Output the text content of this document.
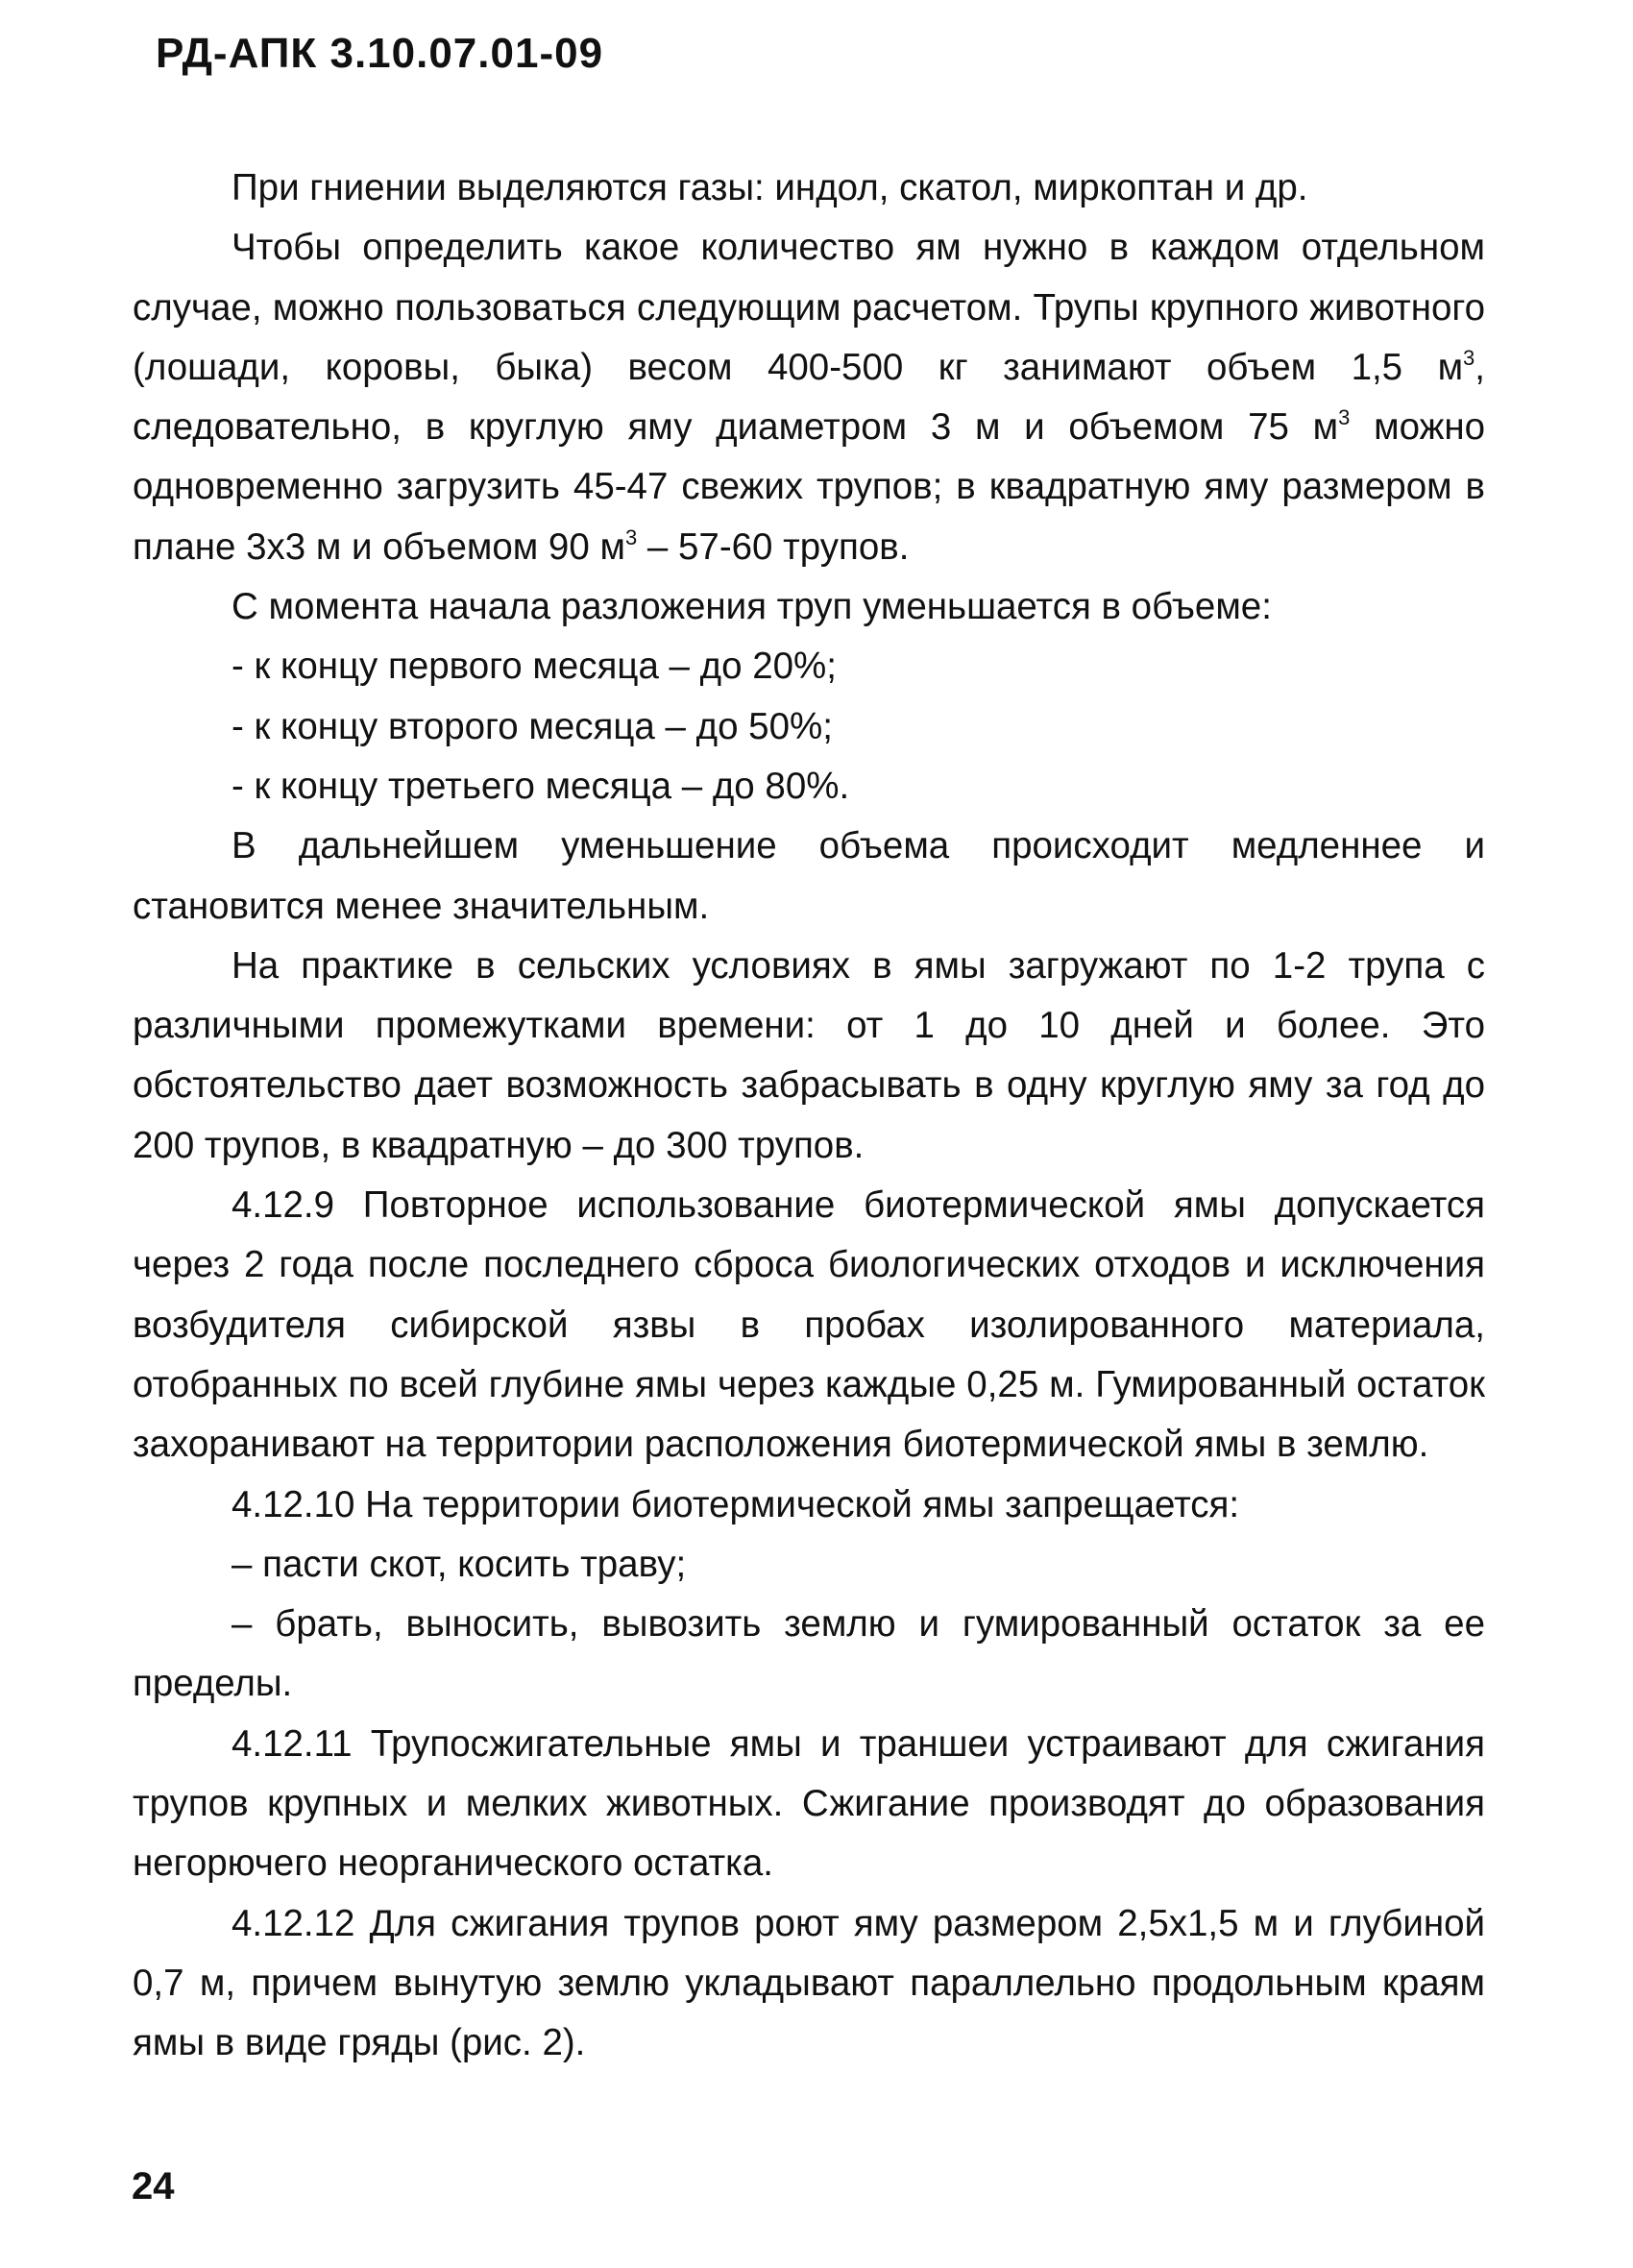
РД-АПК 3.10.07.01-09

При гниении выделяются газы: индол, скатол, миркоптан и др.

Чтобы определить какое количество ям нужно в каждом отдельном случае, можно пользоваться следующим расчетом. Трупы крупного животного (лошади, коровы, быка) весом 400-500 кг занимают объем 1,5 $м^3$, следовательно, в круглую яму диаметром 3 м и объемом 75 $м^3$ можно одновременно загрузить 45-47 свежих трупов; в квадратную яму размером в плане 3х3 м и объемом 90 $м^3 - 57-60$ трупов.

С момента начала разложения труп уменьшается в объеме:

- к концу первого месяца – до 20%;

- к концу второго месяца – до 50%;

- к концу третьего месяца – до 80%.

В дальнейшем уменьшение объема происходит медленнее и становится менее значительным.

На практике в сельских условиях в ямы загружают по 1-2 трупа с различными промежутками времени: от 1 до 10 дней и более. Это обстоятельство дает возможность забрасывать в одну круглую яму за год до 200 трупов, в квадратную – до 300 трупов.

4.12.9 Повторное использование биотермической ямы допускается через 2 года после последнего сброса биологических отходов и исключения возбудителя сибирской язвы в пробах изолированного материала, отобранных по всей глубине ямы через каждые 0,25 м. Гумированный остаток захоранивают на территории расположения биотермической ямы в землю.

4.12.10 На территории биотермической ямы запрещается:

– пасти скот, косить траву;

– брать, выносить, вывозить землю и гумированный остаток за ее пределы.

4.12.11 Трупосжигательные ямы и траншеи устраивают для сжигания трупов крупных и мелких животных. Сжигание производят до образования негорючего неорганического остатка.

4.12.12 Для сжигания трупов роют яму размером 2,5х1,5 м и глубиной 0,7 м, причем вынутую землю укладывают параллельно продольным краям ямы в виде гряды (рис. 2).

24
